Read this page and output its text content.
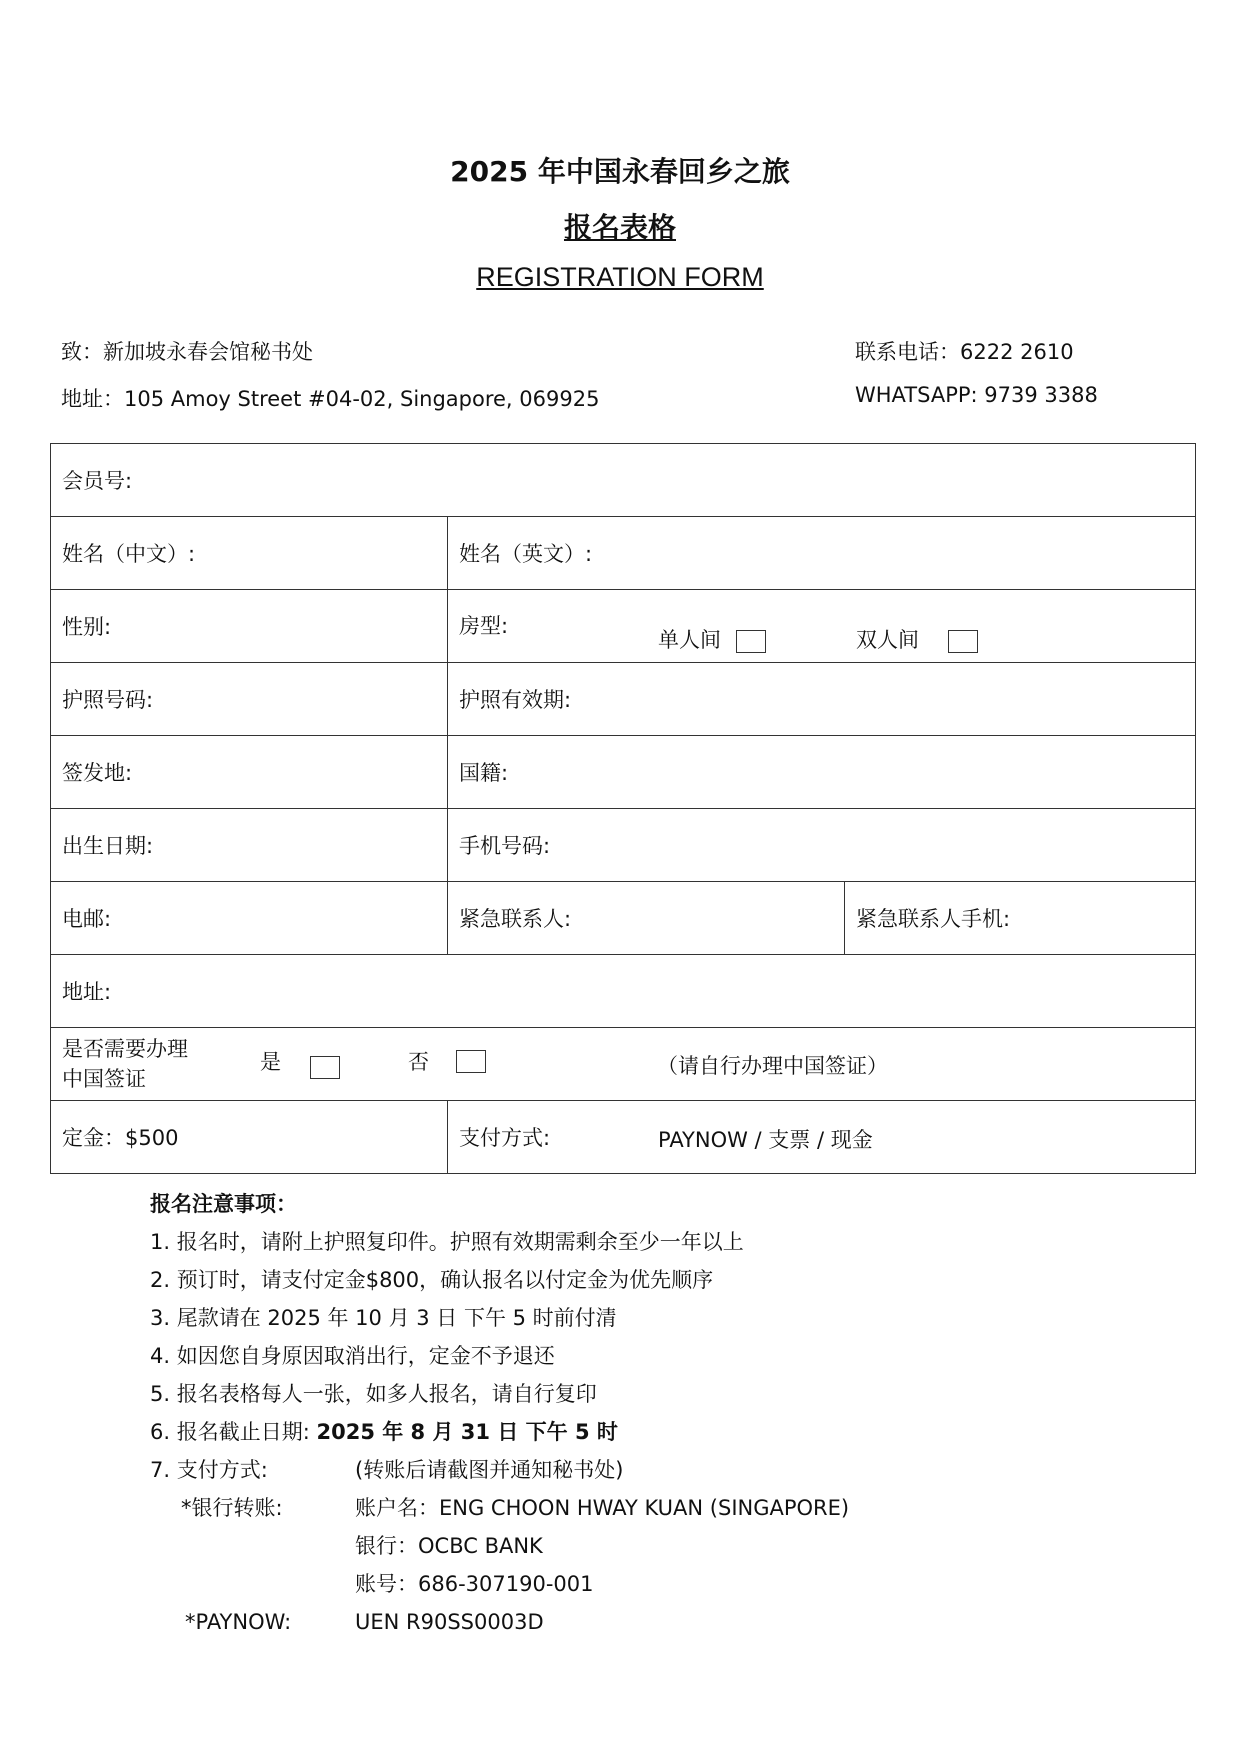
2025 年中国永春回乡之旅
报名表格
REGISTRATION FORM
致：新加坡永春会馆秘书处
地址：105 Amoy Street #04-02, Singapore, 069925
联系电话：6222 2610
WHATSAPP: 9739 3388
会员号:		
姓名（中文）:	姓名（英文）:	
性别:	房型:
单人间 双人间	

护照号码:	护照有效期:	
签发地:	国籍:	
出生日期:	手机号码:	
电邮:	紧急联系人:	紧急联系人手机:
地址:		

是否需要办理
中国签证
是 否 （请自行办理中国签证）		

定金：$500	支付方式: PAYNOW / 支票 / 现金	
报名注意事项：
1. 报名时，请附上护照复印件。护照有效期需剩余至少一年以上
2. 预订时，请支付定金$800，确认报名以付定金为优先顺序
3. 尾款请在 2025 年 10 月 3 日 下午 5 时前付清
4. 如因您自身原因取消出行，定金不予退还
5. 报名表格每人一张，如多人报名，请自行复印
6. 报名截止日期: 2025 年 8 月 31 日 下午 5 时
7. 支付方式:	(转账后请截图并通知秘书处)
*银行转账:	账户名：ENG CHOON HWAY KUAN (SINGAPORE)
银行：OCBC BANK
账号：686-307190-001
*PAYNOW:	UEN R90SS0003D
